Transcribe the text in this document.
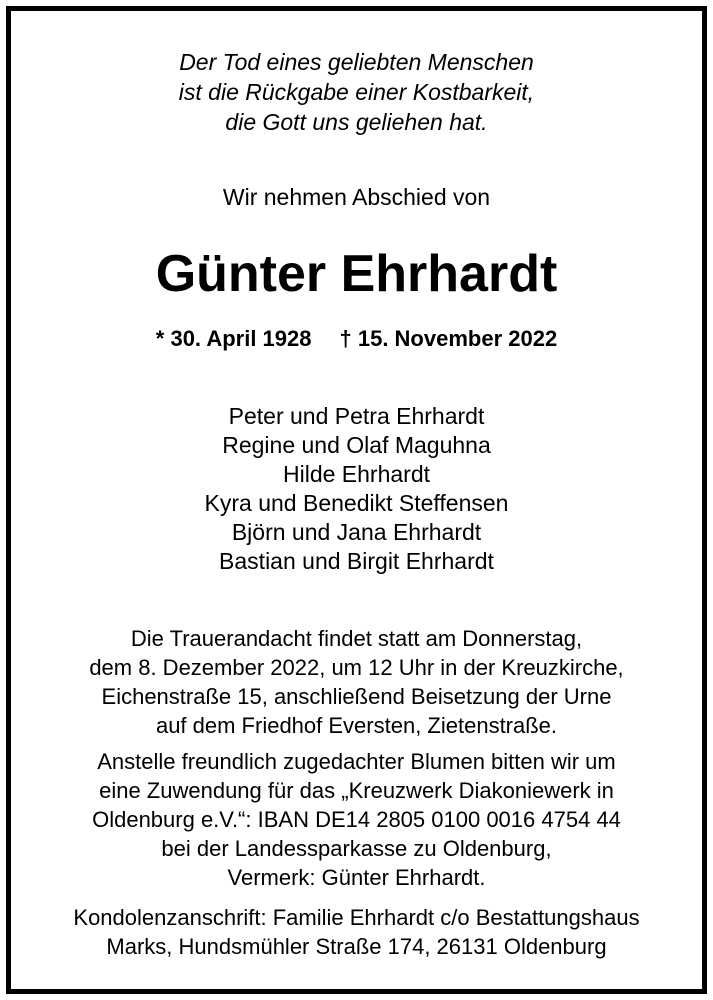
Der Tod eines geliebten Menschen
ist die Rückgabe einer Kostbarkeit,
die Gott uns geliehen hat.
Wir nehmen Abschied von
Günter Ehrhardt
* 30. April 1928 † 15. November 2022
Peter und Petra Ehrhardt
Regine und Olaf Maguhna
Hilde Ehrhardt
Kyra und Benedikt Steffensen
Björn und Jana Ehrhardt
Bastian und Birgit Ehrhardt
Die Trauerandacht findet statt am Donnerstag,
dem 8. Dezember 2022, um 12 Uhr in der Kreuzkirche,
Eichenstraße 15, anschließend Beisetzung der Urne
auf dem Friedhof Eversten, Zietenstraße.
Anstelle freundlich zugedachter Blumen bitten wir um
eine Zuwendung für das „Kreuzwerk Diakoniewerk in
Oldenburg e.V.“: IBAN DE14 2805 0100 0016 4754 44
bei der Landessparkasse zu Oldenburg,
Vermerk: Günter Ehrhardt.
Kondolenzanschrift: Familie Ehrhardt c/o Bestattungshaus
Marks, Hundsmühler Straße 174, 26131 Oldenburg
